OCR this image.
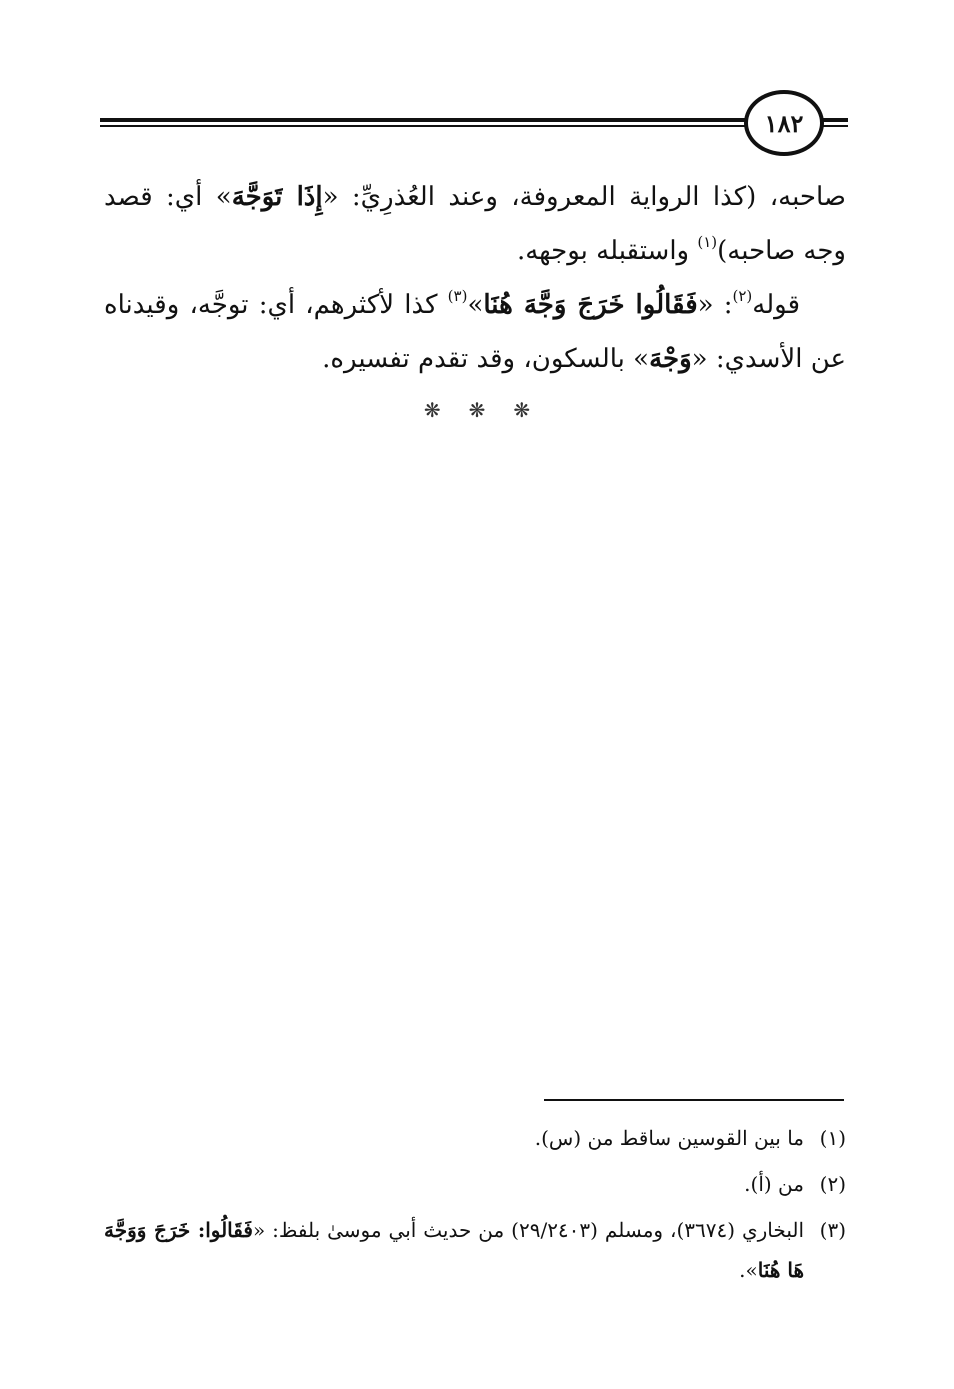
١٨٢

صاحبه، (كذا الرواية المعروفة، وعند العُذرِيِّ: «إِذَا تَوَجَّهَ» أي: قصد وجه صاحبه)$^{(١)}$ واستقبله بوجهه.

قوله$^{(٢)}$: «فَقَالُوا خَرَجَ وَجَّهَ هُنَا»$^{(٣)}$ كذا لأكثرهم، أي: توجَّه، وقيدناه عن الأسدي: «وَجْهَ» بالسكون، وقد تقدم تفسيره.

❋❋❋
(١)
ما بين القوسين ساقط من (س).
(٢)
من (أ).
(٣)
البخاري (٣٦٧٤)، ومسلم (٢٩/٢٤٠٣) من حديث أبي موسىٰ بلفظ: «فَقَالُوا: خَرَجَ وَوَجَّهَ هَا هُنَا».
